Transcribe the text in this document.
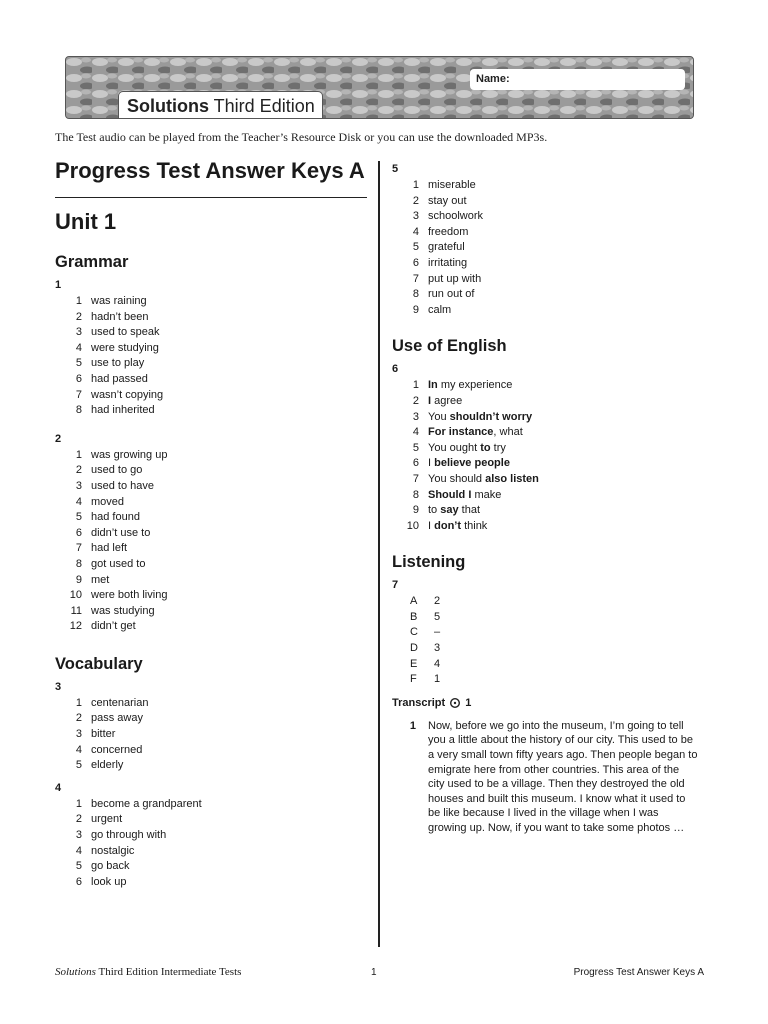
Name:
Solutions Third Edition
The Test audio can be played from the Teacher’s Resource Disk or you can use the downloaded MP3s.
Progress Test Answer Keys A
Unit 1
Grammar
1
1 was raining
2 hadn’t been
3 used to speak
4 were studying
5 use to play
6 had passed
7 wasn’t copying
8 had inherited
2
1 was growing up
2 used to go
3 used to have
4 moved
5 had found
6 didn’t use to
7 had left
8 got used to
9 met
10 were both living
11 was studying
12 didn’t get
Vocabulary
3
1 centenarian
2 pass away
3 bitter
4 concerned
5 elderly
4
1 become a grandparent
2 urgent
3 go through with
4 nostalgic
5 go back
6 look up
5
1 miserable
2 stay out
3 schoolwork
4 freedom
5 grateful
6 irritating
7 put up with
8 run out of
9 calm
Use of English
6
1 In my experience
2 I agree
3 You shouldn’t worry
4 For instance, what
5 You ought to try
6 I believe people
7 You should also listen
8 Should I make
9 to say that
10 I don’t think
Listening
7
A	2
B	5
C	–
D	3
E	4
F	1
Transcript 1
1	Now, before we go into the museum, I’m going to tell you a little about the history of our city. This used to be a very small town fifty years ago. Then people began to emigrate here from other countries. This area of the city used to be a village. Then they destroyed the old houses and built this museum. I know what it used to be like because I lived in the village when I was growing up. Now, if you want to take some photos …
Solutions Third Edition Intermediate Tests	1	Progress Test Answer Keys A
